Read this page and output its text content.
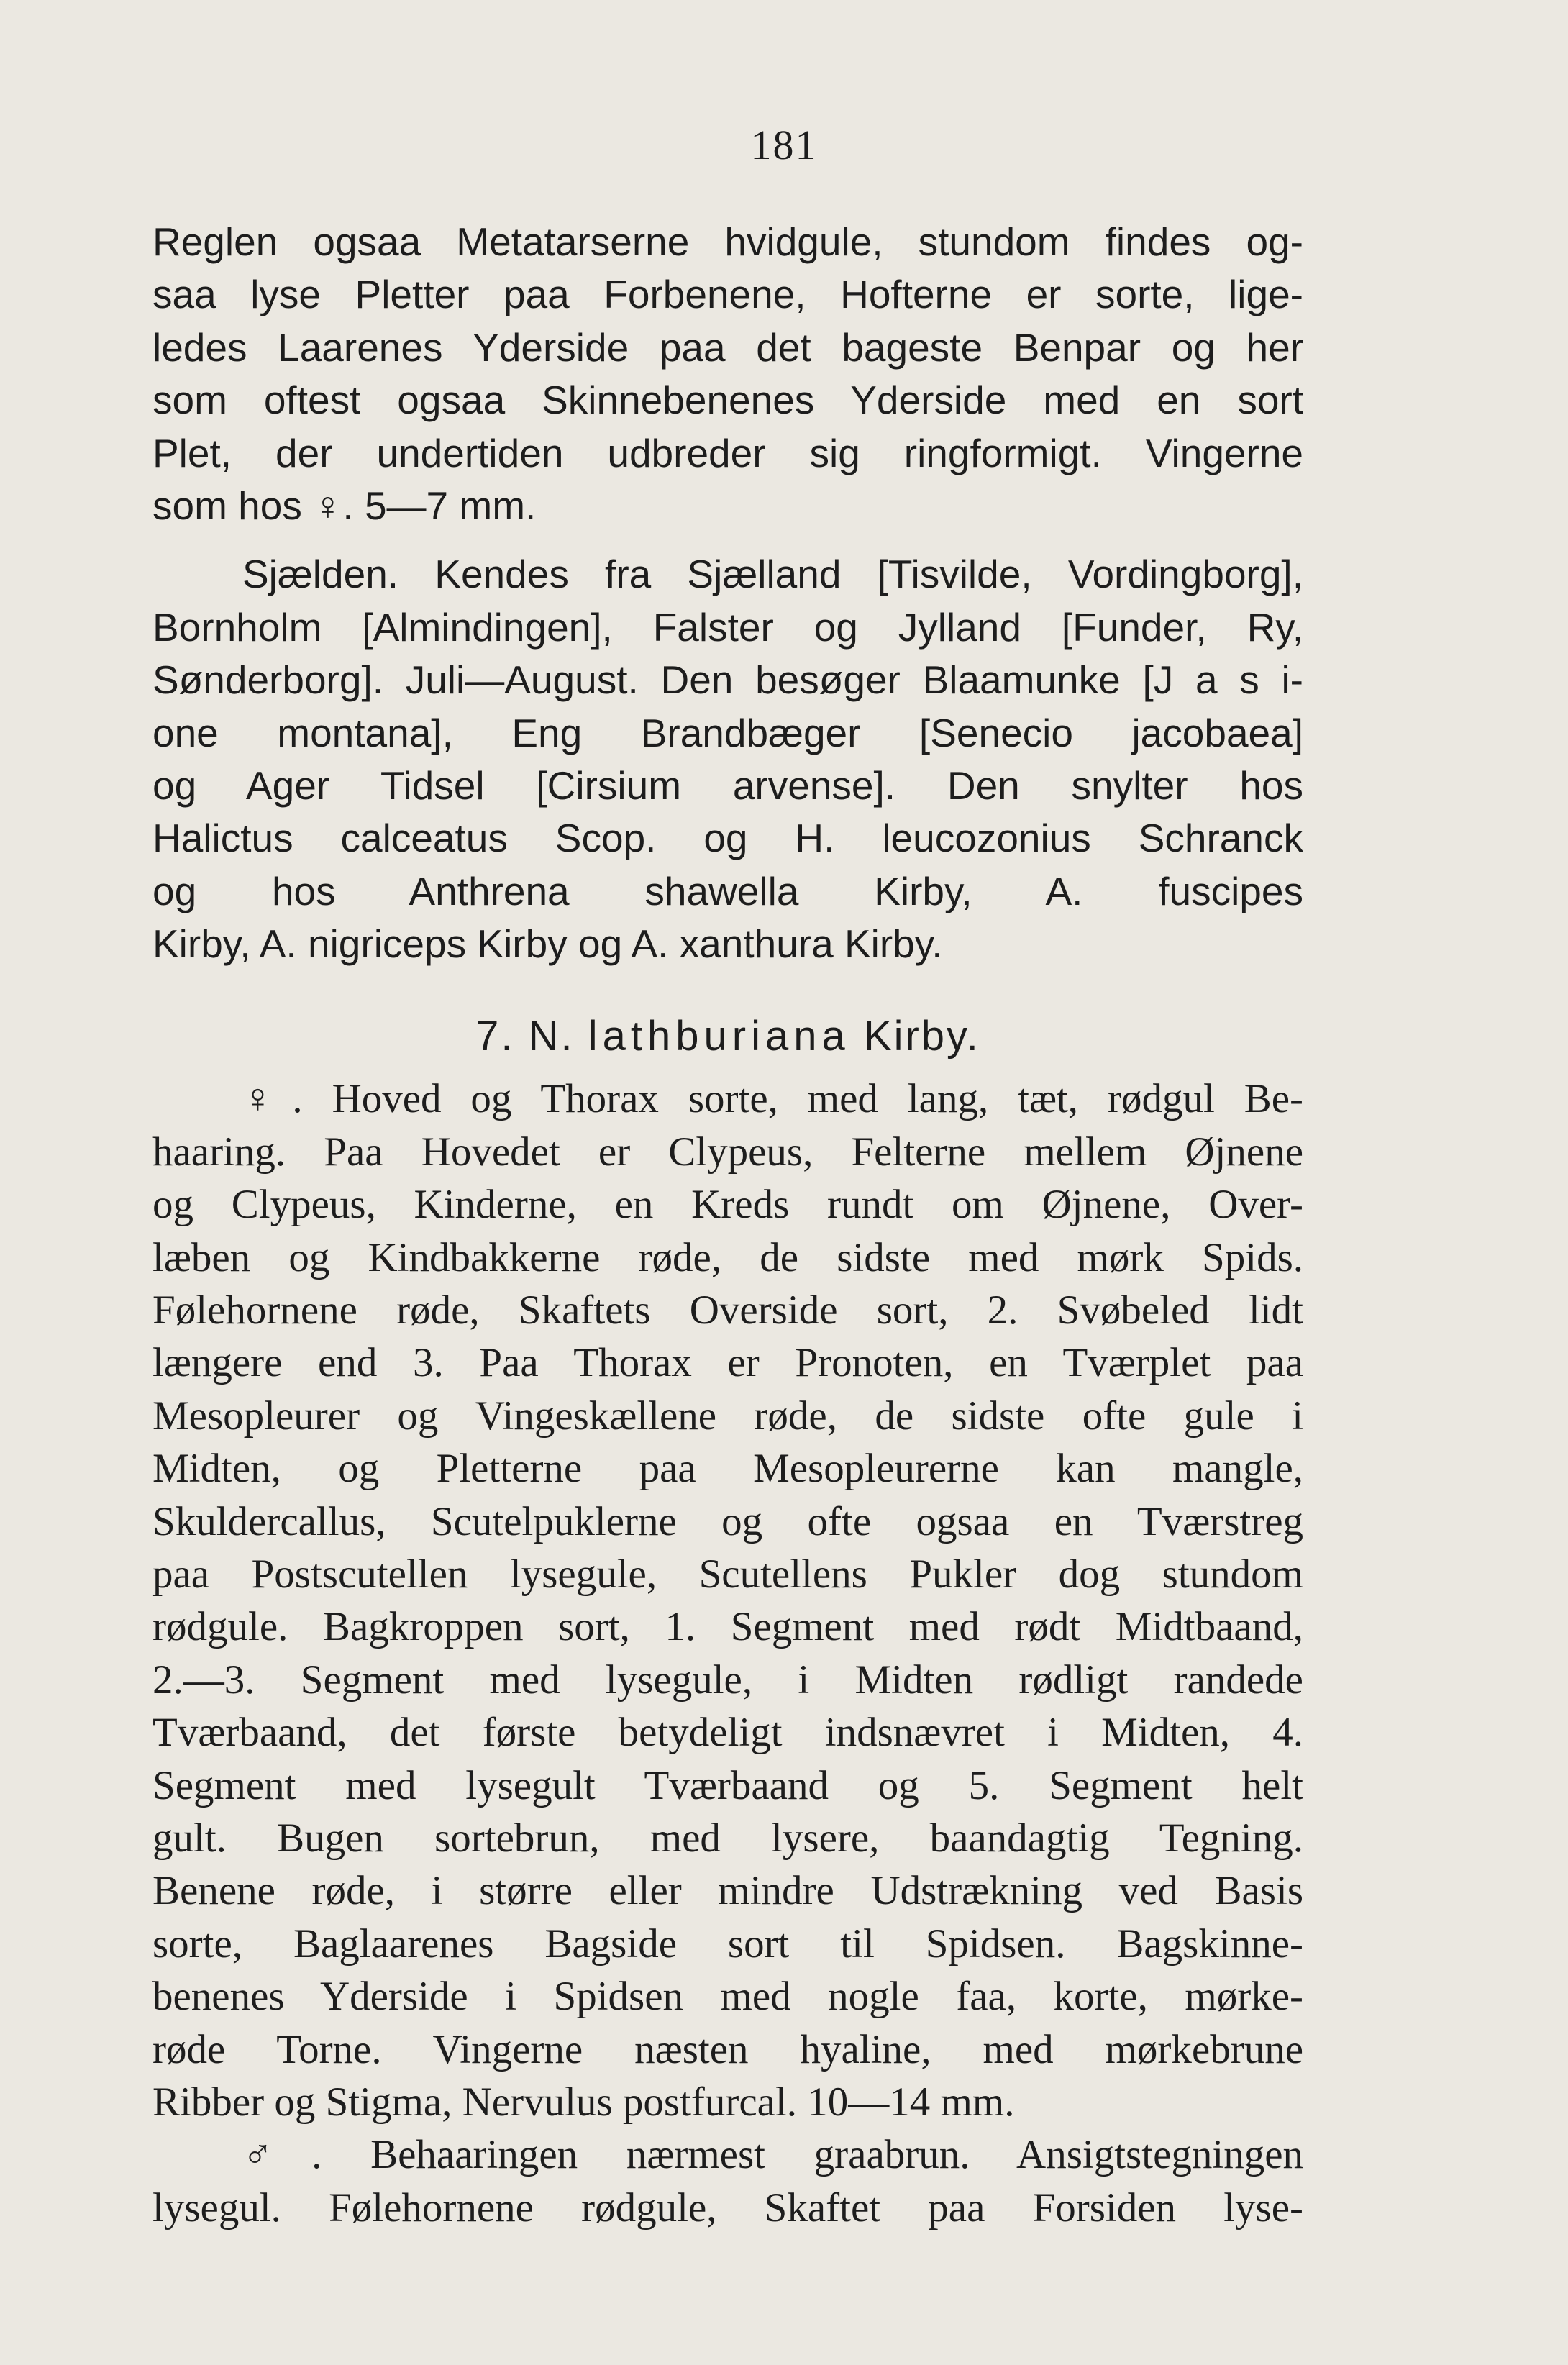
181
Reglen ogsaa Metatarserne hvidgule, stundom findes og-
saa lyse Pletter paa Forbenene, Hofterne er sorte, lige-
ledes Laarenes Yderside paa det bageste Benpar og her
som oftest ogsaa Skinnebenenes Yderside med en sort
Plet, der undertiden udbreder sig ringformigt. Vingerne
som hos ♀. 5—7 mm.
Sjælden. Kendes fra Sjælland [Tisvilde, Vordingborg],
Bornholm [Almindingen], Falster og Jylland [Funder, Ry,
Sønderborg]. Juli—August. Den besøger Blaamunke [J a s i-
one montana], Eng Brandbæger [Senecio jacobaea]
og Ager Tidsel [Cirsium arvense]. Den snylter hos
Halictus calceatus Scop. og H. leucozonius Schranck
og hos Anthrena shawella Kirby, A. fuscipes
Kirby, A. nigriceps Kirby og A. xanthura Kirby.
7. N. lathburiana Kirby.
♀. Hoved og Thorax sorte, med lang, tæt, rødgul Be-
haaring. Paa Hovedet er Clypeus, Felterne mellem Øjnene
og Clypeus, Kinderne, en Kreds rundt om Øjnene, Over-
læben og Kindbakkerne røde, de sidste med mørk Spids.
Følehornene røde, Skaftets Overside sort, 2. Svøbeled lidt
længere end 3. Paa Thorax er Pronoten, en Tværplet paa
Mesopleurer og Vingeskællene røde, de sidste ofte gule i
Midten, og Pletterne paa Mesopleurerne kan mangle,
Skuldercallus, Scutelpuklerne og ofte ogsaa en Tværstreg
paa Postscutellen lysegule, Scutellens Pukler dog stundom
rødgule. Bagkroppen sort, 1. Segment med rødt Midtbaand,
2.—3. Segment med lysegule, i Midten rødligt randede
Tværbaand, det første betydeligt indsnævret i Midten, 4.
Segment med lysegult Tværbaand og 5. Segment helt
gult. Bugen sortebrun, med lysere, baandagtig Tegning.
Benene røde, i større eller mindre Udstrækning ved Basis
sorte, Baglaarenes Bagside sort til Spidsen. Bagskinne-
benenes Yderside i Spidsen med nogle faa, korte, mørke-
røde Torne. Vingerne næsten hyaline, med mørkebrune
Ribber og Stigma, Nervulus postfurcal. 10—14 mm.
♂. Behaaringen nærmest graabrun. Ansigtstegningen
lysegul. Følehornene rødgule, Skaftet paa Forsiden lyse-
